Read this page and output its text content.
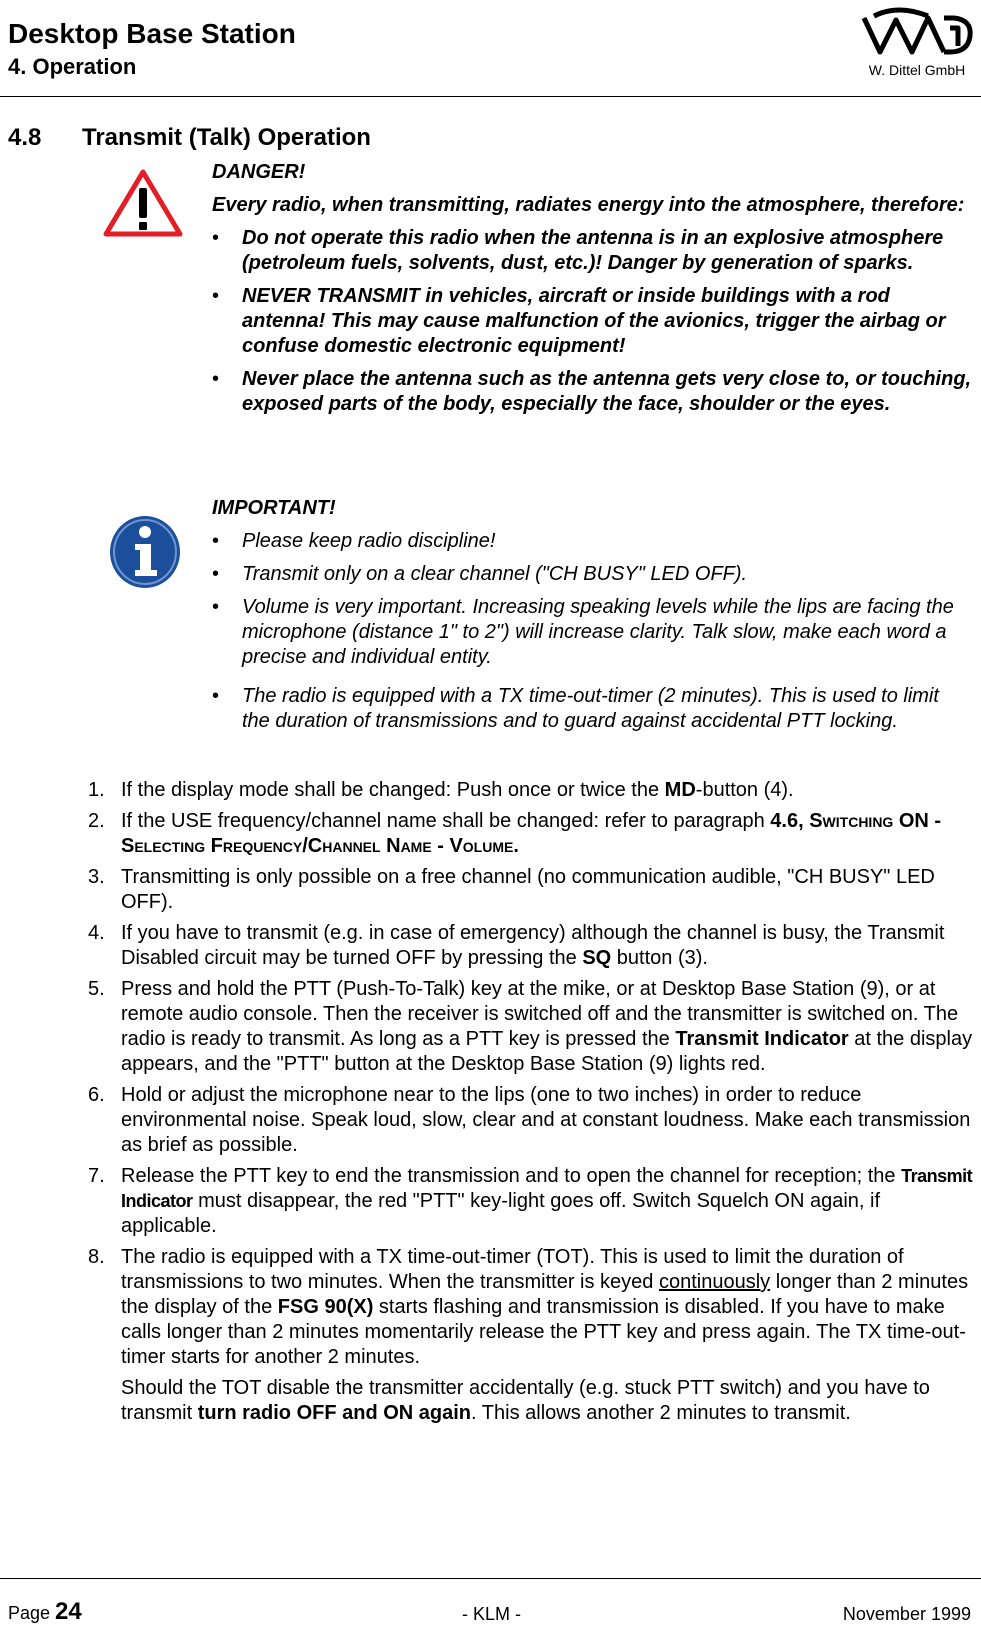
Desktop Base Station
4. Operation	W. Dittel GmbH
4.8 Transmit (Talk) Operation
DANGER!
Every radio, when transmitting, radiates energy into the atmosphere, therefore:
• Do not operate this radio when the antenna is in an explosive atmosphere (petroleum fuels, solvents, dust, etc.)! Danger by generation of sparks.
• NEVER TRANSMIT in vehicles, aircraft or inside buildings with a rod antenna! This may cause malfunction of the avionics, trigger the airbag or confuse domestic electronic equipment!
• Never place the antenna such as the antenna gets very close to, or touching, exposed parts of the body, especially the face, shoulder or the eyes.
IMPORTANT!
• Please keep radio discipline!
• Transmit only on a clear channel ("CH BUSY" LED OFF).
• Volume is very important. Increasing speaking levels while the lips are facing the microphone (distance 1" to 2") will increase clarity. Talk slow, make each word a precise and individual entity.
• The radio is equipped with a TX time-out-timer (2 minutes). This is used to limit the duration of transmissions and to guard against accidental PTT locking.
1. If the display mode shall be changed: Push once or twice the MD-button (4).
2. If the USE frequency/channel name shall be changed: refer to paragraph 4.6, Switching ON - Selecting Frequency/Channel Name - Volume.
3. Transmitting is only possible on a free channel (no communication audible, "CH BUSY" LED OFF).
4. If you have to transmit (e.g. in case of emergency) although the channel is busy, the Transmit Disabled circuit may be turned OFF by pressing the SQ button (3).
5. Press and hold the PTT (Push-To-Talk) key at the mike, or at Desktop Base Station (9), or at remote audio console. Then the receiver is switched off and the transmitter is switched on. The radio is ready to transmit. As long as a PTT key is pressed the Transmit Indicator at the display appears, and the "PTT" button at the Desktop Base Station (9) lights red.
6. Hold or adjust the microphone near to the lips (one to two inches) in order to reduce environmental noise. Speak loud, slow, clear and at constant loudness. Make each transmission as brief as possible.
7. Release the PTT key to end the transmission and to open the channel for reception; the Transmit Indicator must disappear, the red "PTT" key-light goes off. Switch Squelch ON again, if applicable.
8. The radio is equipped with a TX time-out-timer (TOT). This is used to limit the duration of transmissions to two minutes. When the transmitter is keyed continuously longer than 2 minutes the display of the FSG 90(X) starts flashing and transmission is disabled. If you have to make calls longer than 2 minutes momentarily release the PTT key and press again. The TX time-out-timer starts for another 2 minutes.
Should the TOT disable the transmitter accidentally (e.g. stuck PTT switch) and you have to transmit turn radio OFF and ON again. This allows another 2 minutes to transmit.
Page 24	- KLM -	November 1999
